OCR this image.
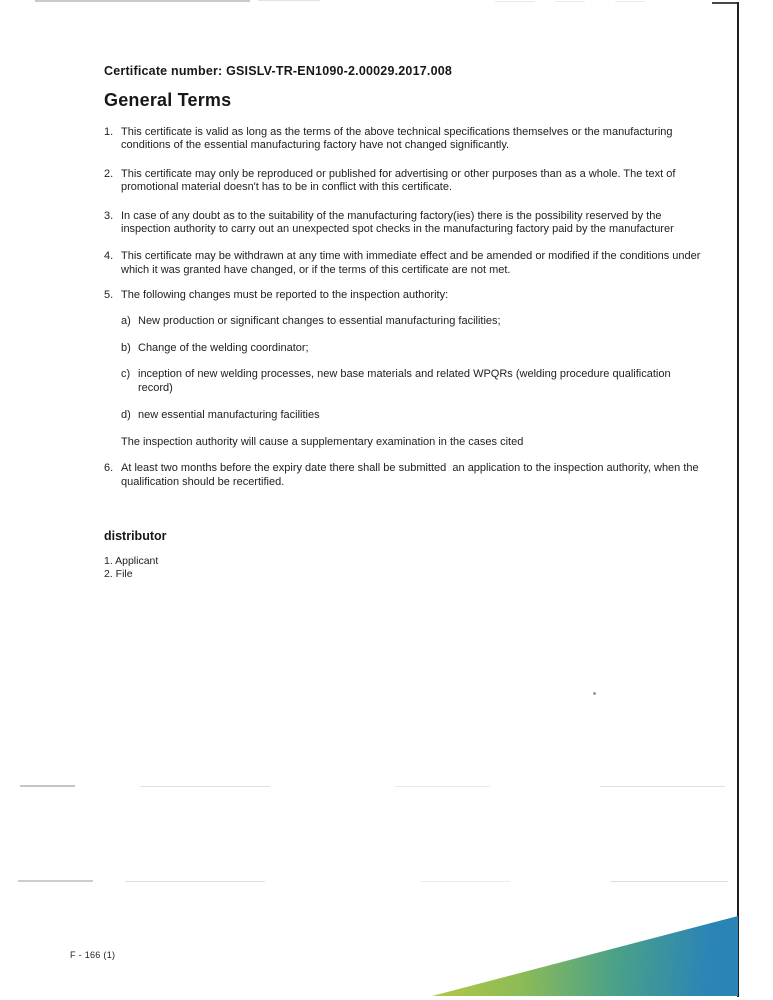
Certificate number: GSISLV-TR-EN1090-2.00029.2017.008
General Terms
1. This certificate is valid as long as the terms of the above technical specifications themselves or the manufacturing conditions of the essential manufacturing factory have not changed significantly.
2. This certificate may only be reproduced or published for advertising or other purposes than as a whole. The text of promotional material doesn't has to be in conflict with this certificate.
3. In case of any doubt as to the suitability of the manufacturing factory(ies) there is the possibility reserved by the inspection authority to carry out an unexpected spot checks in the manufacturing factory paid by the manufacturer
4. This certificate may be withdrawn at any time with immediate effect and be amended or modified if the conditions under which it was granted have changed, or if the terms of this certificate are not met.
5. The following changes must be reported to the inspection authority:
a) New production or significant changes to essential manufacturing facilities;
b) Change of the welding coordinator;
c) inception of new welding processes, new base materials and related WPQRs (welding procedure qualification record)
d) new essential manufacturing facilities
The inspection authority will cause a supplementary examination in the cases cited
6. At least two months before the expiry date there shall be submitted  an application to the inspection authority, when the qualification should be recertified.
distributor
1. Applicant
2. File
F - 166 (1)
